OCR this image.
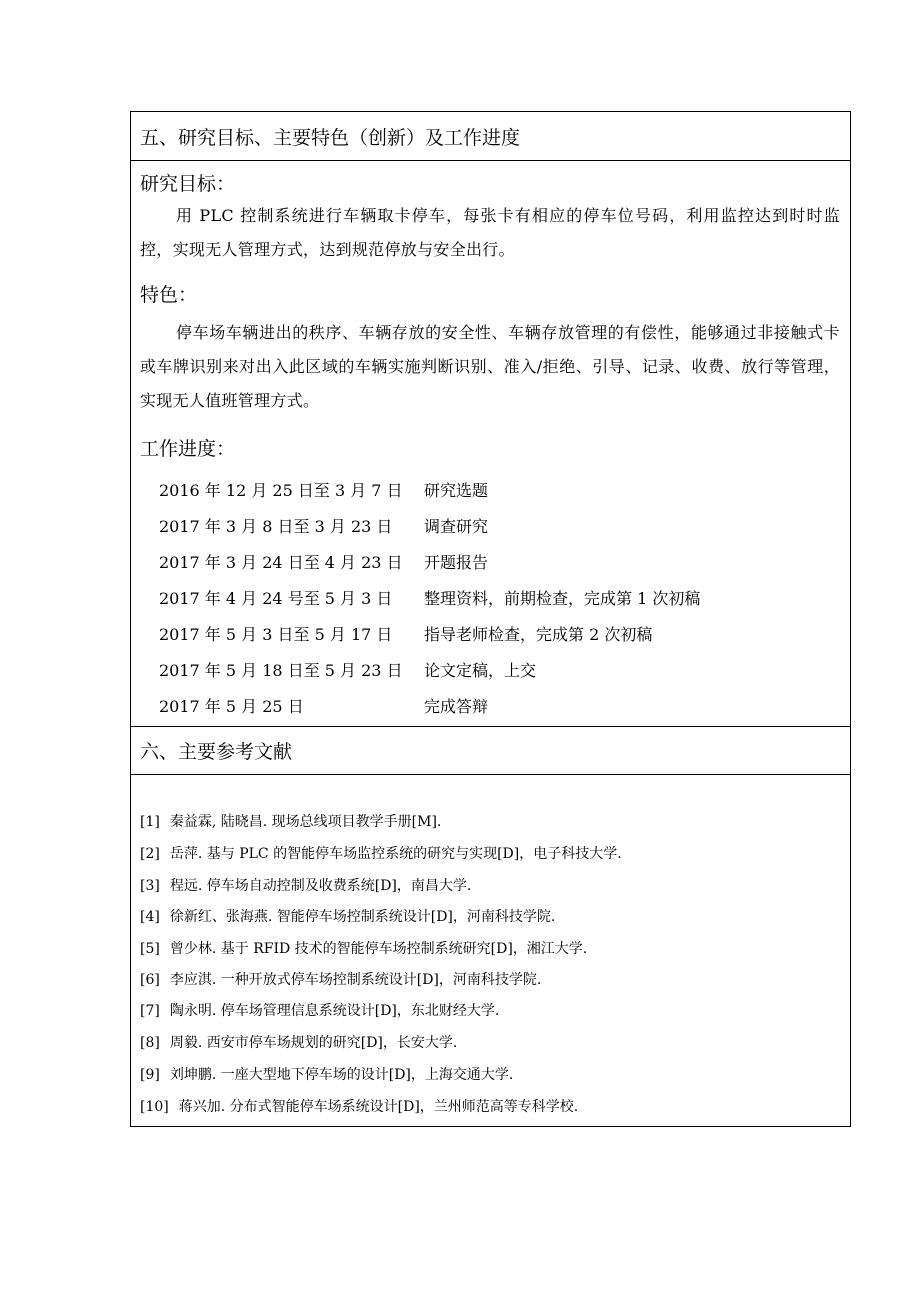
五、研究目标、主要特色（创新）及工作进度
研究目标：
用 PLC 控制系统进行车辆取卡停车，每张卡有相应的停车位号码，利用监控达到时时监控，实现无人管理方式，达到规范停放与安全出行。
特色：
停车场车辆进出的秩序、车辆存放的安全性、车辆存放管理的有偿性，能够通过非接触式卡或车牌识别来对出入此区域的车辆实施判断识别、准入/拒绝、引导、记录、收费、放行等管理，实现无人值班管理方式。
工作进度：
2016 年 12 月 25 日至 3 月 7 日 研究选题
2017 年 3 月 8 日至 3 月 23 日 调查研究
2017 年 3 月 24 日至 4 月 23 日 开题报告
2017 年 4 月 24 号至 5 月 3 日 整理资料，前期检查，完成第 1 次初稿
2017 年 5 月 3 日至 5 月 17 日 指导老师检查，完成第 2 次初稿
2017 年 5 月 18 日至 5 月 23 日 论文定稿，上交
2017 年 5 月 25 日	完成答辩
六、主要参考文献
[1] 秦益霖, 陆晓昌. 现场总线项目教学手册[M].
[2] 岳萍. 基与 PLC 的智能停车场监控系统的研究与实现[D]，电子科技大学.
[3] 程远. 停车场自动控制及收费系统[D]，南昌大学.
[4] 徐新红、张海燕. 智能停车场控制系统设计[D]，河南科技学院.
[5] 曾少林. 基于 RFID 技术的智能停车场控制系统研究[D]，湘江大学.
[6] 李应淇. 一种开放式停车场控制系统设计[D]，河南科技学院.
[7] 陶永明. 停车场管理信息系统设计[D]，东北财经大学.
[8] 周毅. 西安市停车场规划的研究[D]，长安大学.
[9] 刘坤鹏. 一座大型地下停车场的设计[D]，上海交通大学.
[10] 蒋兴加. 分布式智能停车场系统设计[D]，兰州师范高等专科学校.
